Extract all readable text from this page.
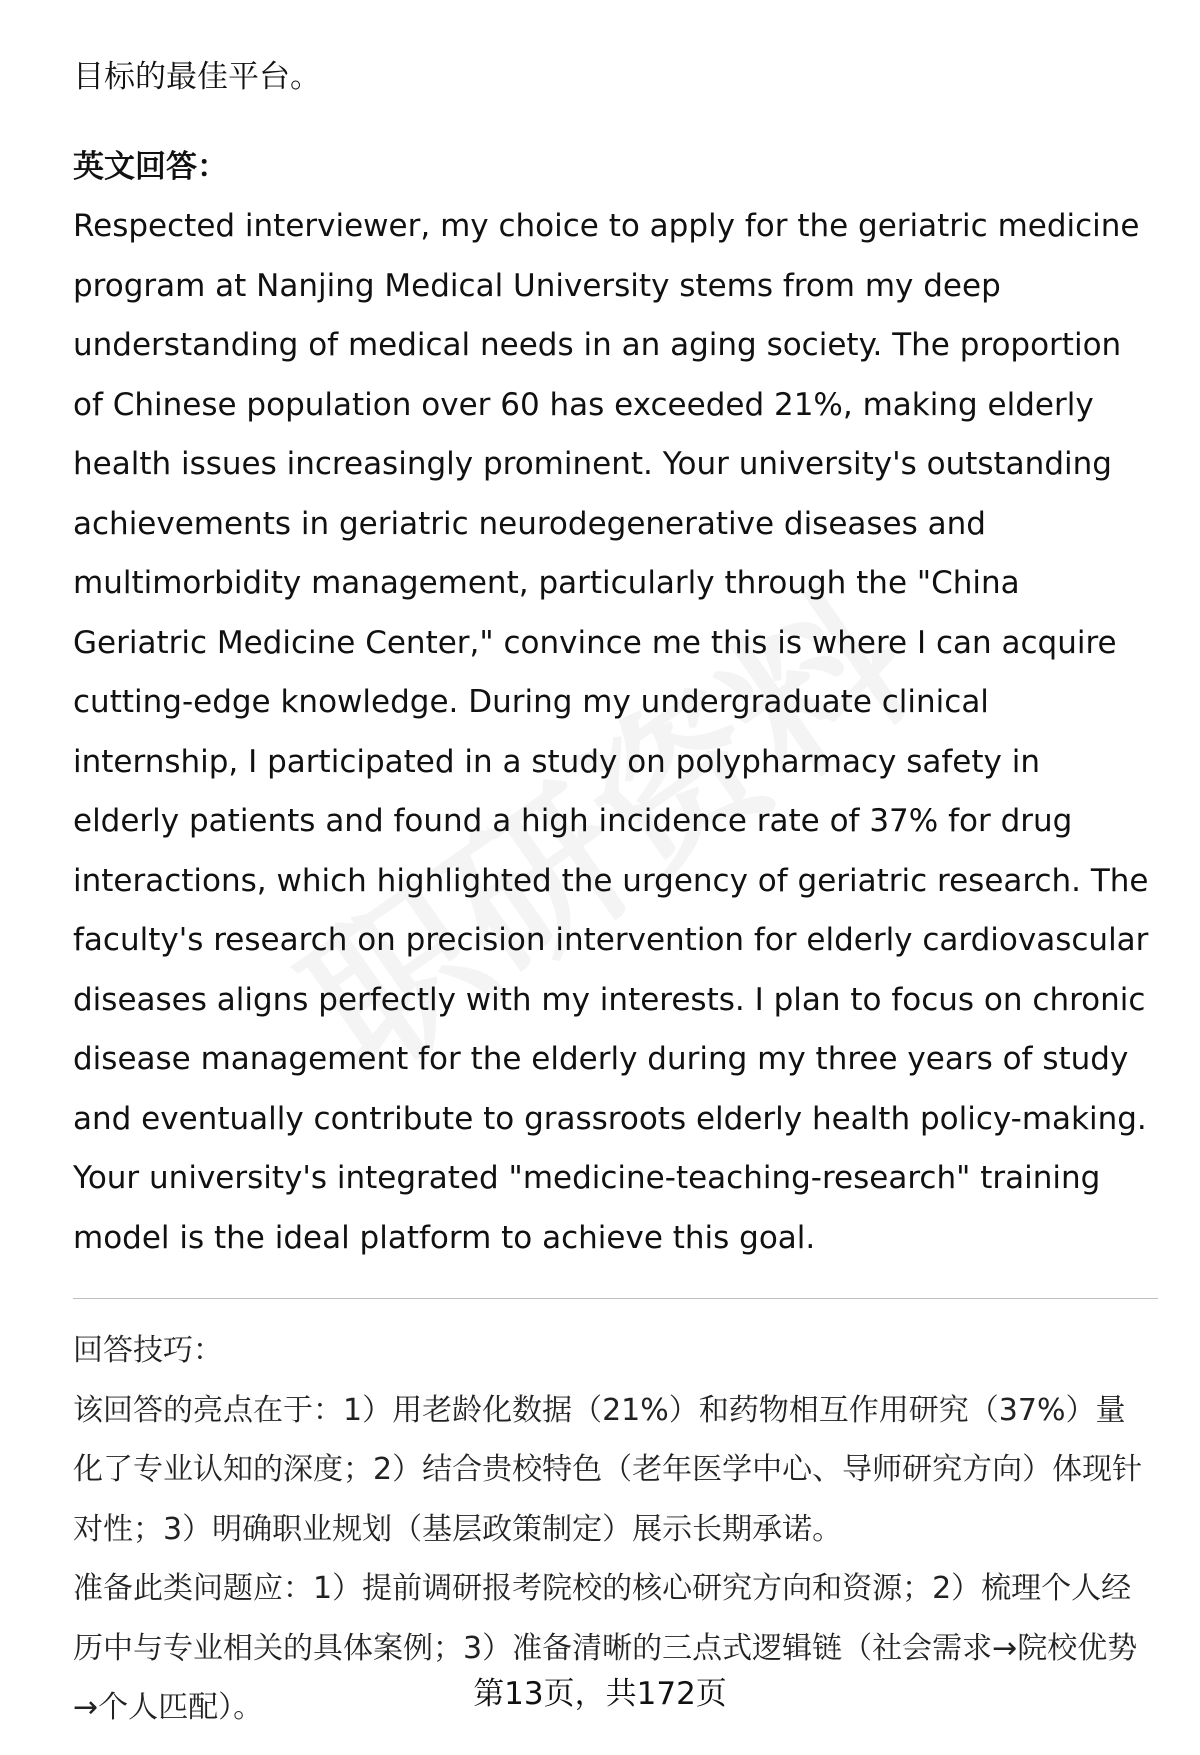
目标的最佳平台。

英文回答：

Respected interviewer, my choice to apply for the geriatric medicine program at Nanjing Medical University stems from my deep understanding of medical needs in an aging society. The proportion of Chinese population over 60 has exceeded 21%, making elderly health issues increasingly prominent. Your university's outstanding achievements in geriatric neurodegenerative diseases and multimorbidity management, particularly through the "China Geriatric Medicine Center," convince me this is where I can acquire cutting-edge knowledge. During my undergraduate clinical internship, I participated in a study on polypharmacy safety in elderly patients and found a high incidence rate of 37% for drug interactions, which highlighted the urgency of geriatric research. The faculty's research on precision intervention for elderly cardiovascular diseases aligns perfectly with my interests. I plan to focus on chronic disease management for the elderly during my three years of study and eventually contribute to grassroots elderly health policy-making. Your university's integrated "medicine-teaching-research" training model is the ideal platform to achieve this goal.

回答技巧：

该回答的亮点在于：1）用老龄化数据（21%）和药物相互作用研究（37%）量化了专业认知的深度；2）结合贵校特色（老年医学中心、导师研究方向）体现针对性；3）明确职业规划（基层政策制定）展示长期承诺。

准备此类问题应：1）提前调研报考院校的核心研究方向和资源；2）梳理个人经历中与专业相关的具体案例；3）准备清晰的三点式逻辑链（社会需求→院校优势→个人匹配）。	第13页，共172页
